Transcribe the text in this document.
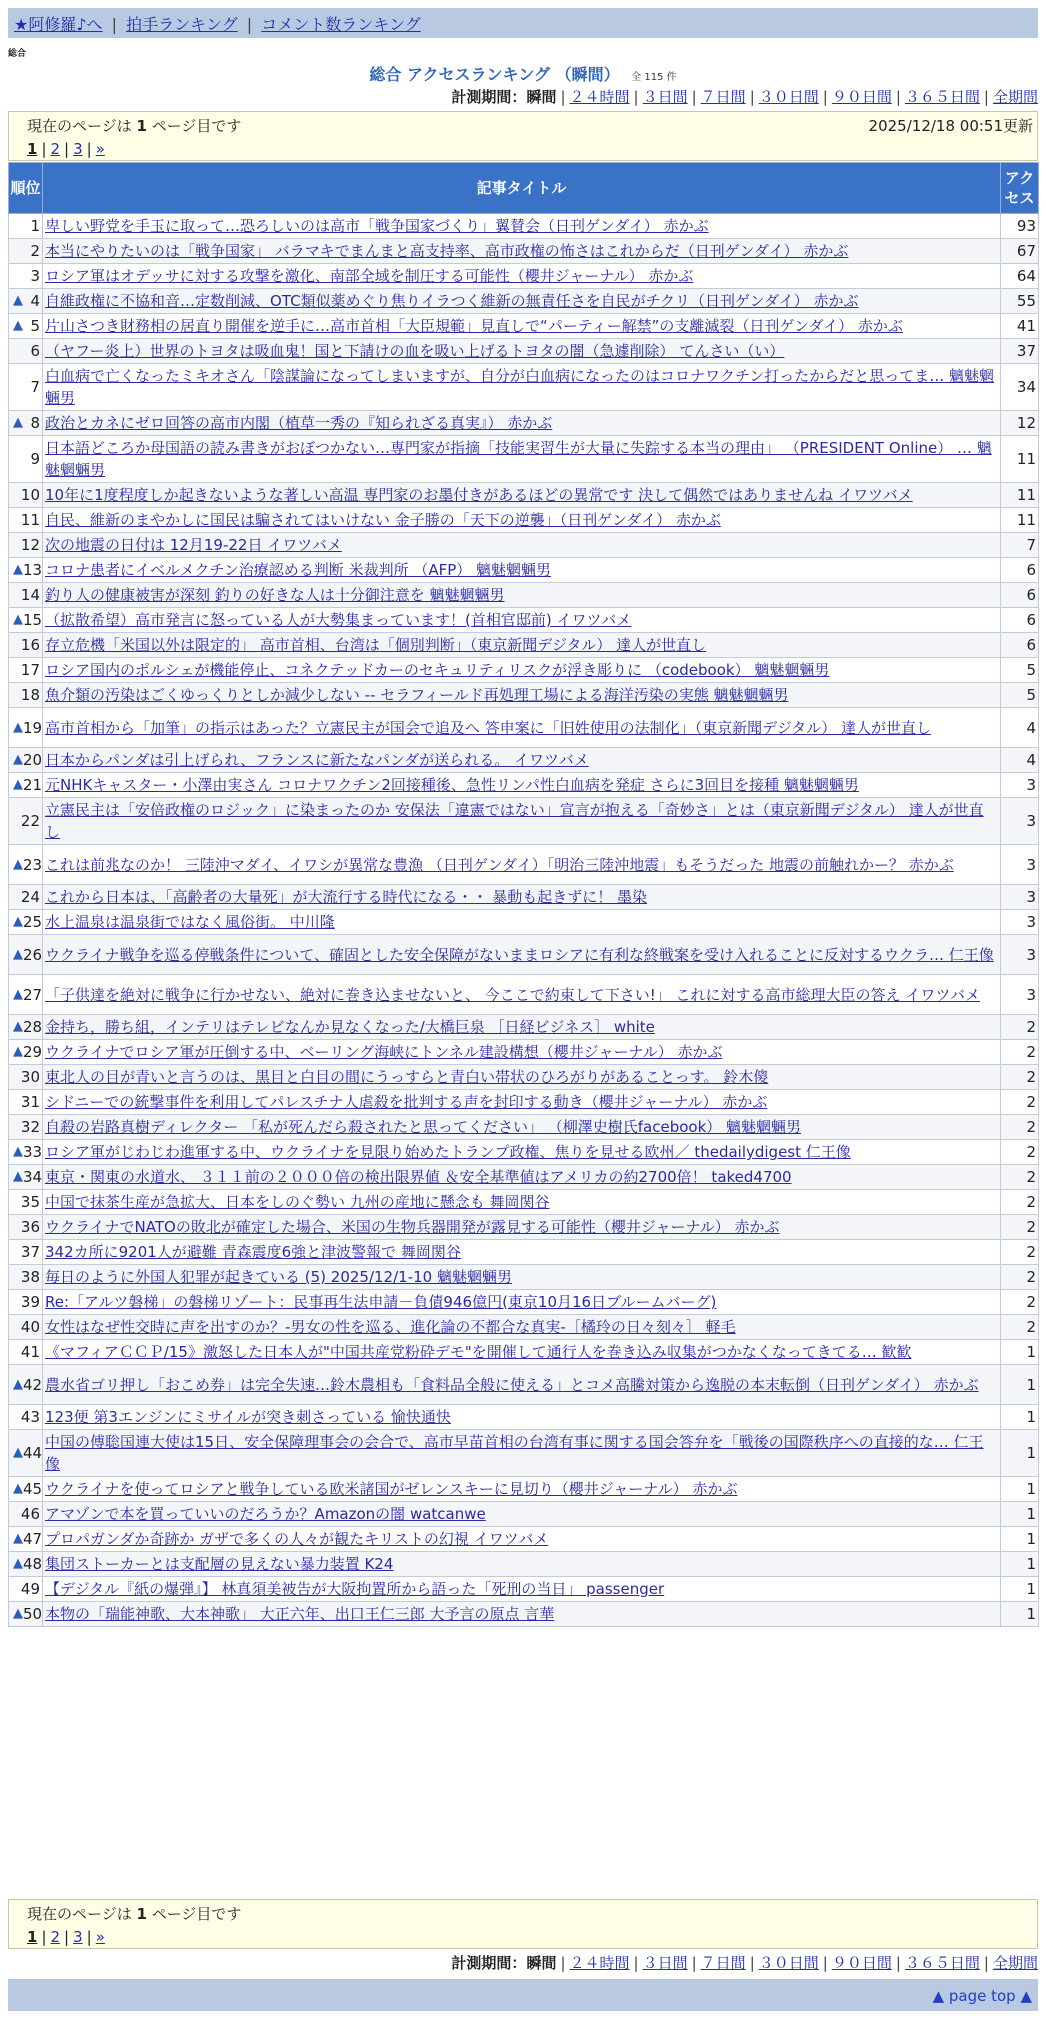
★阿修羅♪へ | 拍手ランキング | コメント数ランキング
総合
総合 アクセスランキング （瞬間） 全 115 件
計測期間：瞬間 | ２４時間 | ３日間 | ７日間 | ３０日間 | ９０日間 | ３６５日間 | 全期間
現在のページは 1 ページ目です	2025/12/18 00:51更新
1 | 2 | 3 | »
順位	記事タイトル	アクセス
1	卑しい野党を手玉に取って…恐ろしいのは高市「戦争国家づくり」翼賛会（日刊ゲンダイ） 赤かぶ	93
2	本当にやりたいのは「戦争国家」 バラマキでまんまと高支持率、高市政権の怖さはこれからだ（日刊ゲンダイ） 赤かぶ	67
3	ロシア軍はオデッサに対する攻撃を激化、南部全域を制圧する可能性（櫻井ジャーナル） 赤かぶ	64

▲ 4	自維政権に不協和音…定数削減、OTC類似薬めぐり焦りイラつく維新の無責任さを自民がチクリ（日刊ゲンダイ） 赤かぶ	55

▲ 5	片山さつき財務相の居直り開催を逆手に…高市首相「大臣規範」見直しで“パーティー解禁”の支離滅裂（日刊ゲンダイ） 赤かぶ	41
6	（ヤフー炎上）世界のトヨタは吸血鬼！国と下請けの血を吸い上げるトヨタの闇（急遽削除） てんさい（い）	37
7	白血病で亡くなったミキオさん「陰謀論になってしまいますが、自分が白血病になったのはコロナワクチン打ったからだと思ってま… 魑魅魍魎男	34

▲ 8	政治とカネにゼロ回答の高市内閣（植草一秀の『知られざる真実』） 赤かぶ	12
9	日本語どころか母国語の読み書きがおぼつかない…専門家が指摘「技能実習生が大量に失踪する本当の理由」 （PRESIDENT Online） … 魑魅魍魎男	11
10	10年に1度程度しか起きないような著しい高温 専門家のお墨付きがあるほどの異常です 決して偶然ではありませんね イワツバメ	11
11	自民、維新のまやかしに国民は騙されてはいけない 金子勝の「天下の逆襲」（日刊ゲンダイ） 赤かぶ	11
12	次の地震の日付は 12月19-22日 イワツバメ	7

▲ 13	コロナ患者にイベルメクチン治療認める判断 米裁判所 （AFP） 魑魅魍魎男	6
14	釣り人の健康被害が深刻 釣りの好きな人は十分御注意を 魑魅魍魎男	6

▲ 15	（拡散希望）高市発言に怒っている人が大勢集まっています！(首相官邸前) イワツバメ	6
16	存立危機「米国以外は限定的」 高市首相、台湾は「個別判断」（東京新聞デジタル） 達人が世直し	6
17	ロシア国内のポルシェが機能停止、コネクテッドカーのセキュリティリスクが浮き彫りに （codebook） 魑魅魍魎男	5
18	魚介類の汚染はごくゆっくりとしか減少しない -- セラフィールド再処理工場による海洋汚染の実態 魑魅魍魎男	5

▲ 19	高市首相から「加筆」の指示はあった？立憲民主が国会で追及へ 答申案に「旧姓使用の法制化」（東京新聞デジタル） 達人が世直し	4

▲ 20	日本からパンダは引上げられ、フランスに新たなパンダが送られる。 イワツバメ	4

▲ 21	元NHKキャスター・小澤由実さん コロナワクチン2回接種後、急性リンパ性白血病を発症 さらに3回目を接種 魑魅魍魎男	3
22	立憲民主は「安倍政権のロジック」に染まったのか 安保法「違憲ではない」宣言が抱える「奇妙さ」とは（東京新聞デジタル） 達人が世直し	3

▲ 23	これは前兆なのか！ 三陸沖マダイ、イワシが異常な豊漁 （日刊ゲンダイ）「明治三陸沖地震」もそうだった 地震の前触れかー？ 赤かぶ	3
24	これから日本は、「高齢者の大量死」が大流行する時代になる・・ 暴動も起きずに！ 墨染	3

▲ 25	水上温泉は温泉街ではなく風俗街。 中川隆	3

▲ 26	ウクライナ戦争を巡る停戦条件について、確固とした安全保障がないままロシアに有利な終戦案を受け入れることに反対するウクラ… 仁王像	3

▲ 27	「子供達を絶対に戦争に行かせない、絶対に巻き込ませないと、 今ここで約束して下さい!」 これに対する高市総理大臣の答え イワツバメ	3

▲ 28	金持ち，勝ち組，インテリはテレビなんか見なくなった/大橋巨泉 ［日経ビジネス］ white	2

▲ 29	ウクライナでロシア軍が圧倒する中、ベーリング海峡にトンネル建設構想（櫻井ジャーナル） 赤かぶ	2
30	東北人の目が青いと言うのは、黒目と白目の間にうっすらと青白い帯状のひろがりがあることっす。 鈴木傻	2
31	シドニーでの銃撃事件を利用してパレスチナ人虐殺を批判する声を封印する動き（櫻井ジャーナル） 赤かぶ	2
32	自殺の岩路真樹ディレクター 「私が死んだら殺されたと思ってください」 （柳澤史樹氏facebook） 魑魅魍魎男	2

▲ 33	ロシア軍がじわじわ進軍する中、ウクライナを見限り始めたトランプ政権、焦りを見せる欧州／ thedailydigest 仁王像	2

▲ 34	東京・関東の水道水、 ３１１前の２０００倍の検出限界値 ＆安全基準値はアメリカの約2700倍！ taked4700	2
35	中国で抹茶生産が急拡大、日本をしのぐ勢い 九州の産地に懸念も 舞岡関谷	2
36	ウクライナでNATOの敗北が確定した場合、米国の生物兵器開発が露見する可能性（櫻井ジャーナル） 赤かぶ	2
37	342カ所に9201人が避難 青森震度6強と津波警報で 舞岡関谷	2
38	毎日のように外国人犯罪が起きている (5) 2025/12/1-10 魑魅魍魎男	2
39	Re:「アルツ磐梯」の磐梯リゾート：民事再生法申請－負債946億円(東京10月16日ブルームバーグ)	2
40	女性はなぜ性交時に声を出すのか？-男女の性を巡る、進化論の不都合な真実-［橘玲の日々刻々］ 軽毛	2
41	《マフィアＣＣＰ/15》激怒した日本人が"中国共産党粉砕デモ"を開催して通行人を巻き込み収集がつかなくなってきてる… 歓歓	1

▲ 42	農水省ゴリ押し「おこめ券」は完全失速…鈴木農相も「食料品全般に使える」とコメ高騰対策から逸脱の本末転倒（日刊ゲンダイ） 赤かぶ	1
43	123便 第3エンジンにミサイルが突き刺さっている 愉快通快	1

▲ 44	中国の傅聡国連大使は15日、安全保障理事会の会合で、高市早苗首相の台湾有事に関する国会答弁を「戦後の国際秩序への直接的な… 仁王像	1

▲ 45	ウクライナを使ってロシアと戦争している欧米諸国がゼレンスキーに見切り（櫻井ジャーナル） 赤かぶ	1
46	アマゾンで本を買っていいのだろうか？Amazonの闇 watcanwe	1

▲ 47	プロパガンダか奇跡か ガザで多くの人々が観たキリストの幻視 イワツバメ	1

▲ 48	集団ストーカーとは支配層の見えない暴力装置 K24	1
49	【デジタル『紙の爆弾』】 林真須美被告が大阪拘置所から語った「死刑の当日」 passenger	1

▲ 50	本物の「瑞能神歌、大本神歌」 大正六年、出口王仁三郎 大予言の原点 言華	1
現在のページは 1 ページ目です
1 | 2 | 3 | »
計測期間：瞬間 | ２４時間 | ３日間 | ７日間 | ３０日間 | ９０日間 | ３６５日間 | 全期間
▲ page top ▲
